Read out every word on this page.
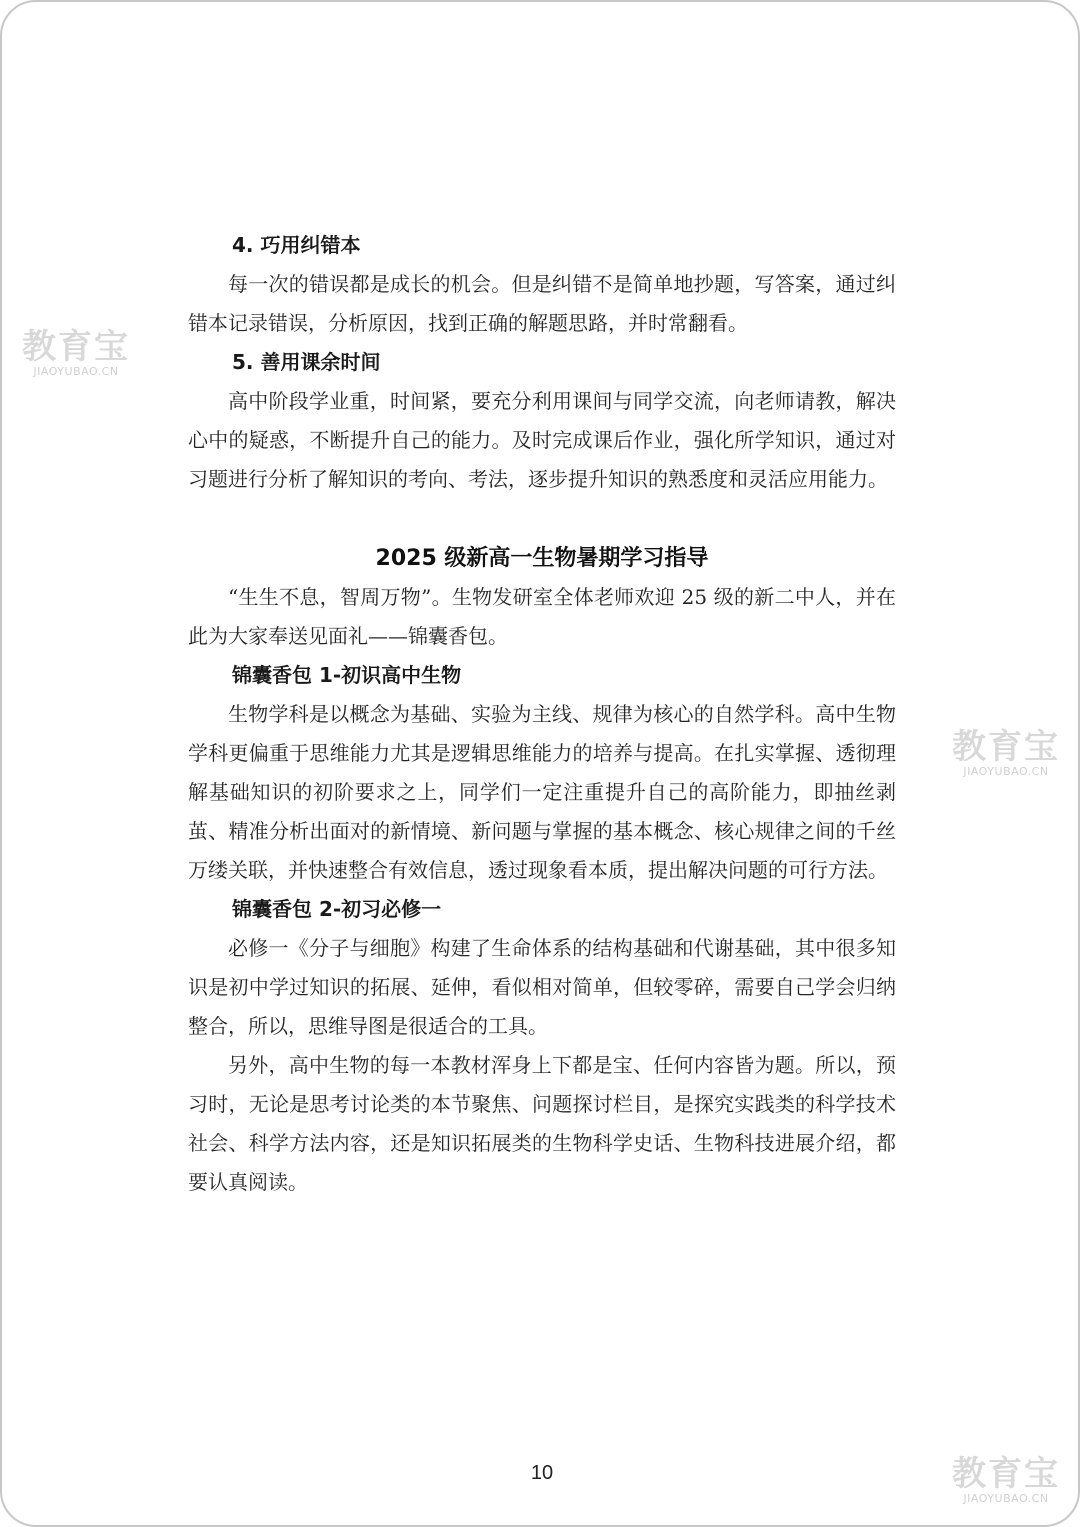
4. 巧用纠错本

每一次的错误都是成长的机会。但是纠错不是简单地抄题，写答案，通过纠错本记录错误，分析原因，找到正确的解题思路，并时常翻看。

5. 善用课余时间

高中阶段学业重，时间紧，要充分利用课间与同学交流，向老师请教，解决心中的疑惑，不断提升自己的能力。及时完成课后作业，强化所学知识，通过对习题进行分析了解知识的考向、考法，逐步提升知识的熟悉度和灵活应用能力。

2025 级新高一生物暑期学习指导

“生生不息，智周万物”。生物发研室全体老师欢迎 25 级的新二中人，并在此为大家奉送见面礼——锦囊香包。

锦囊香包 1-初识高中生物

生物学科是以概念为基础、实验为主线、规律为核心的自然学科。高中生物学科更偏重于思维能力尤其是逻辑思维能力的培养与提高。在扎实掌握、透彻理解基础知识的初阶要求之上，同学们一定注重提升自己的高阶能力，即抽丝剥茧、精准分析出面对的新情境、新问题与掌握的基本概念、核心规律之间的千丝万缕关联，并快速整合有效信息，透过现象看本质，提出解决问题的可行方法。

锦囊香包 2-初习必修一

必修一《分子与细胞》构建了生命体系的结构基础和代谢基础，其中很多知识是初中学过知识的拓展、延伸，看似相对简单，但较零碎，需要自己学会归纳整合，所以，思维导图是很适合的工具。

另外，高中生物的每一本教材浑身上下都是宝、任何内容皆为题。所以，预习时，无论是思考讨论类的本节聚焦、问题探讨栏目，是探究实践类的科学技术社会、科学方法内容，还是知识拓展类的生物科学史话、生物科技进展介绍，都要认真阅读。

10
教育宝
JIAOYUBAO.CN
教育宝
JIAOYUBAO.CN
教育宝
JIAOYUBAO.CN
